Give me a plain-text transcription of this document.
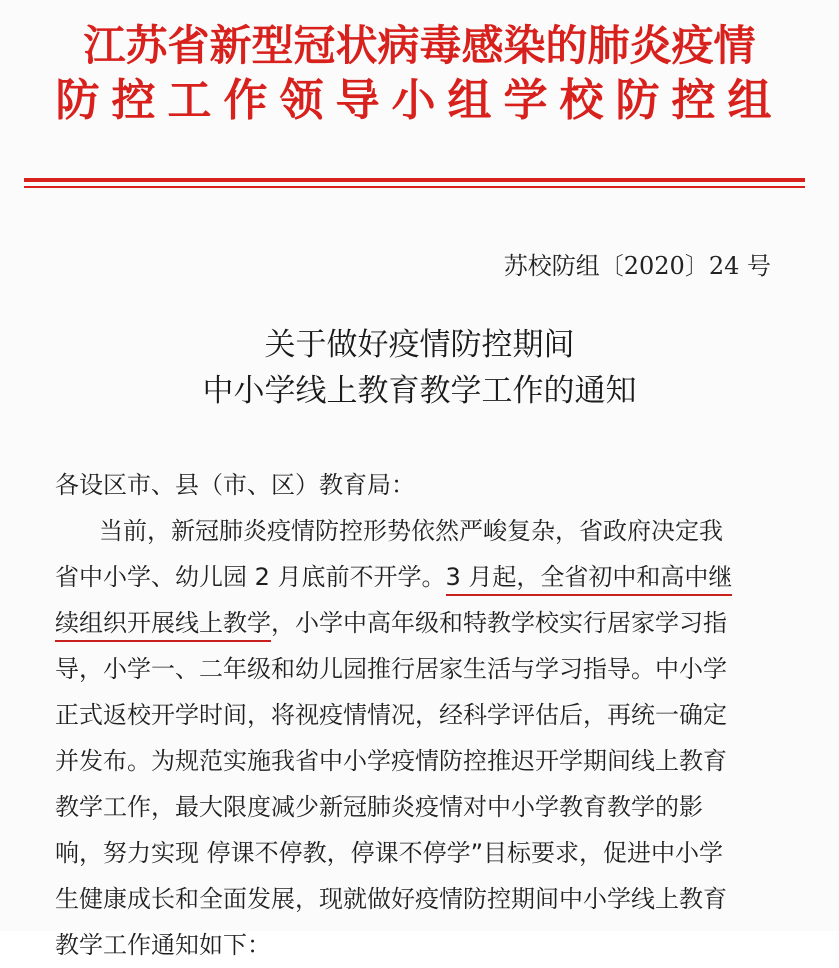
江苏省新型冠状病毒感染的肺炎疫情
防控工作领导小组学校防控组
苏校防组〔2020〕24 号
关于做好疫情防控期间
中小学线上教育教学工作的通知
各设区市、县（市、区）教育局：
当前，新冠肺炎疫情防控形势依然严峻复杂，省政府决定我
省中小学、幼儿园 2 月底前不开学。3 月起，全省初中和高中继
续组织开展线上教学，小学中高年级和特教学校实行居家学习指
导，小学一、二年级和幼儿园推行居家生活与学习指导。中小学
正式返校开学时间，将视疫情情况，经科学评估后，再统一确定
并发布。为规范实施我省中小学疫情防控推迟开学期间线上教育
教学工作，最大限度减少新冠肺炎疫情对中小学教育教学的影
响，努力实现 停课不停教，停课不停学”目标要求，促进中小学
生健康成长和全面发展，现就做好疫情防控期间中小学线上教育
教学工作通知如下：
